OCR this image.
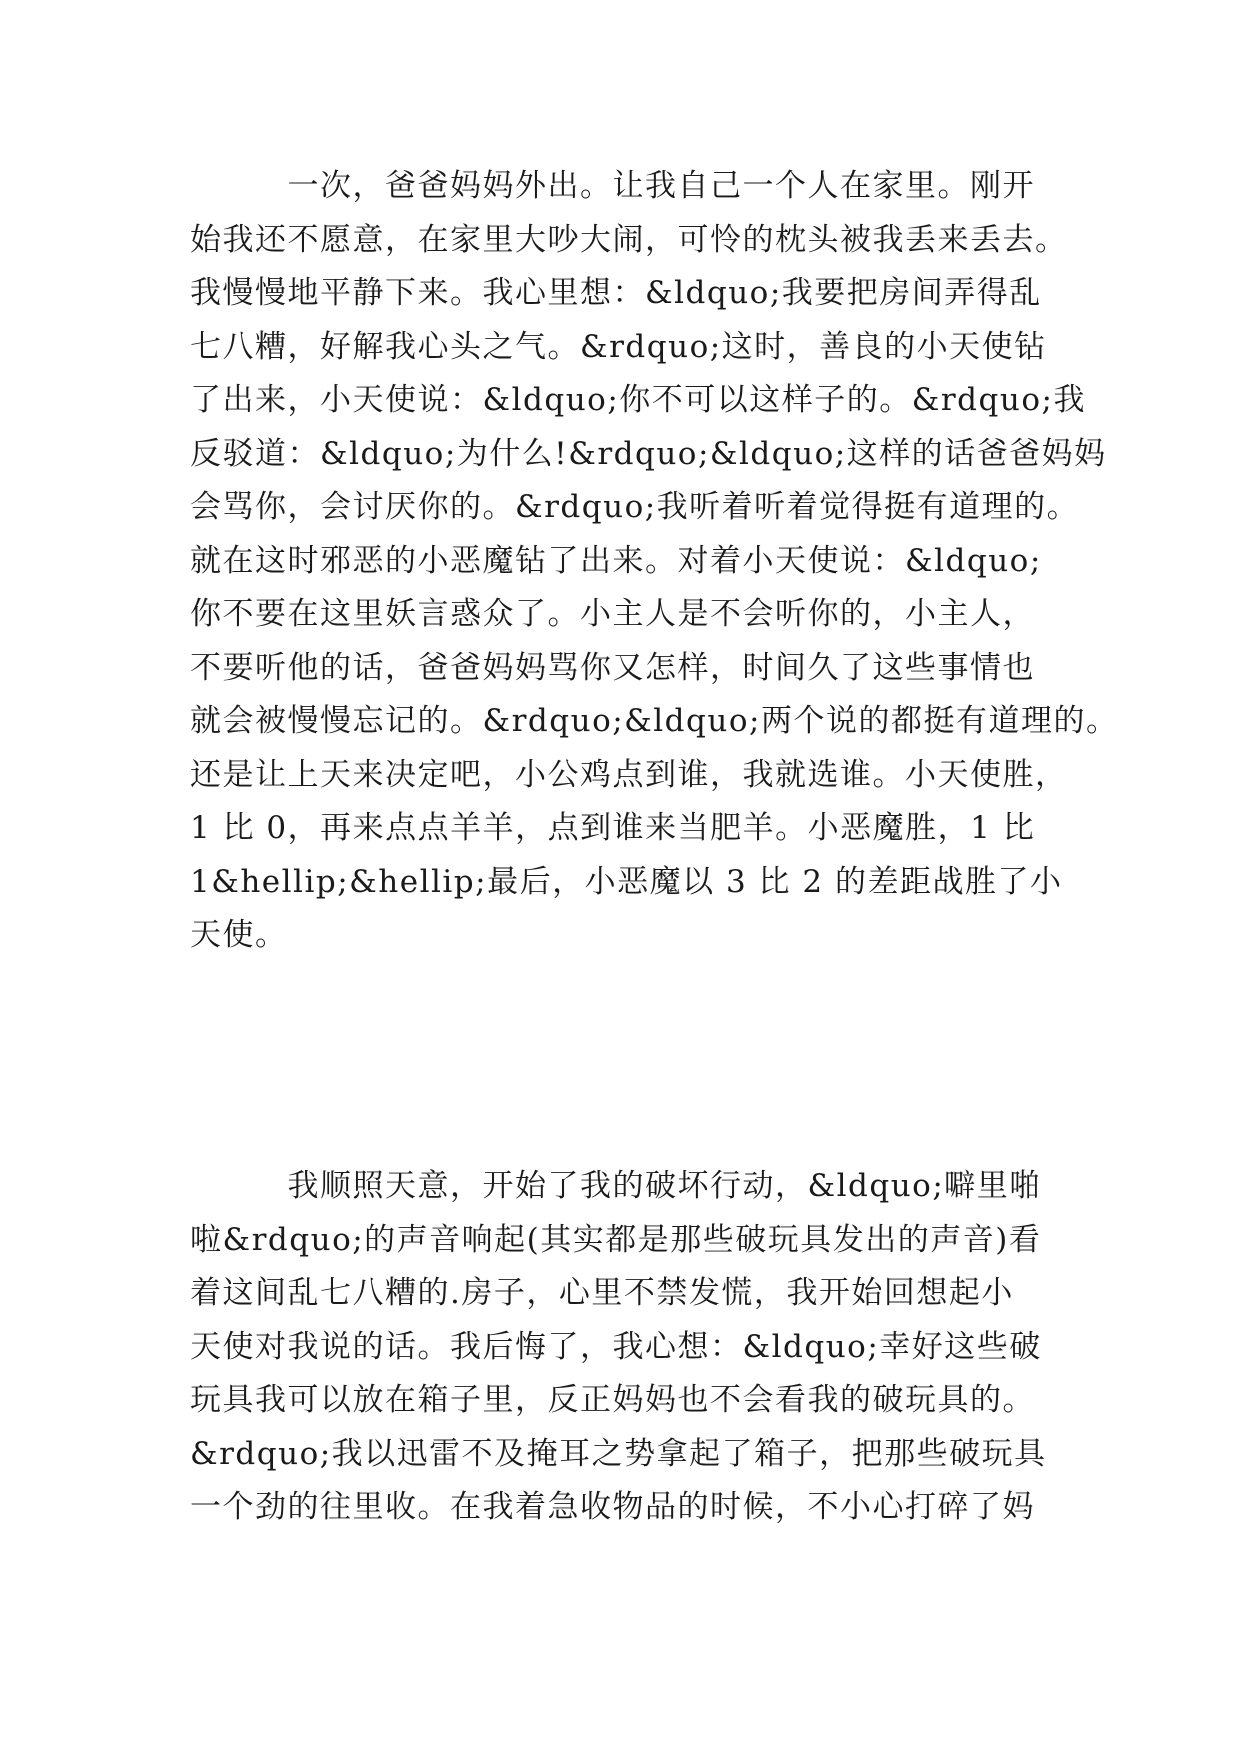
　　　一次，爸爸妈妈外出。让我自己一个人在家里。刚开
始我还不愿意，在家里大吵大闹，可怜的枕头被我丢来丢去。
我慢慢地平静下来。我心里想：&ldquo;我要把房间弄得乱
七八糟，好解我心头之气。&rdquo;这时，善良的小天使钻
了出来，小天使说：&ldquo;你不可以这样子的。&rdquo;我
反驳道：&ldquo;为什么!&rdquo;&ldquo;这样的话爸爸妈妈
会骂你，会讨厌你的。&rdquo;我听着听着觉得挺有道理的。
就在这时邪恶的小恶魔钻了出来。对着小天使说：&ldquo;
你不要在这里妖言惑众了。小主人是不会听你的，小主人，
不要听他的话，爸爸妈妈骂你又怎样，时间久了这些事情也
就会被慢慢忘记的。&rdquo;&ldquo;两个说的都挺有道理的。
还是让上天来决定吧，小公鸡点到谁，我就选谁。小天使胜，
1 比 0，再来点点羊羊，点到谁来当肥羊。小恶魔胜，1 比
1&hellip;&hellip;最后，小恶魔以 3 比 2 的差距战胜了小
天使。
　　　我顺照天意，开始了我的破坏行动，&ldquo;噼里啪
啦&rdquo;的声音响起(其实都是那些破玩具发出的声音)看
着这间乱七八糟的.房子，心里不禁发慌，我开始回想起小
天使对我说的话。我后悔了，我心想：&ldquo;幸好这些破
玩具我可以放在箱子里，反正妈妈也不会看我的破玩具的。
&rdquo;我以迅雷不及掩耳之势拿起了箱子，把那些破玩具
一个劲的往里收。在我着急收物品的时候，不小心打碎了妈
